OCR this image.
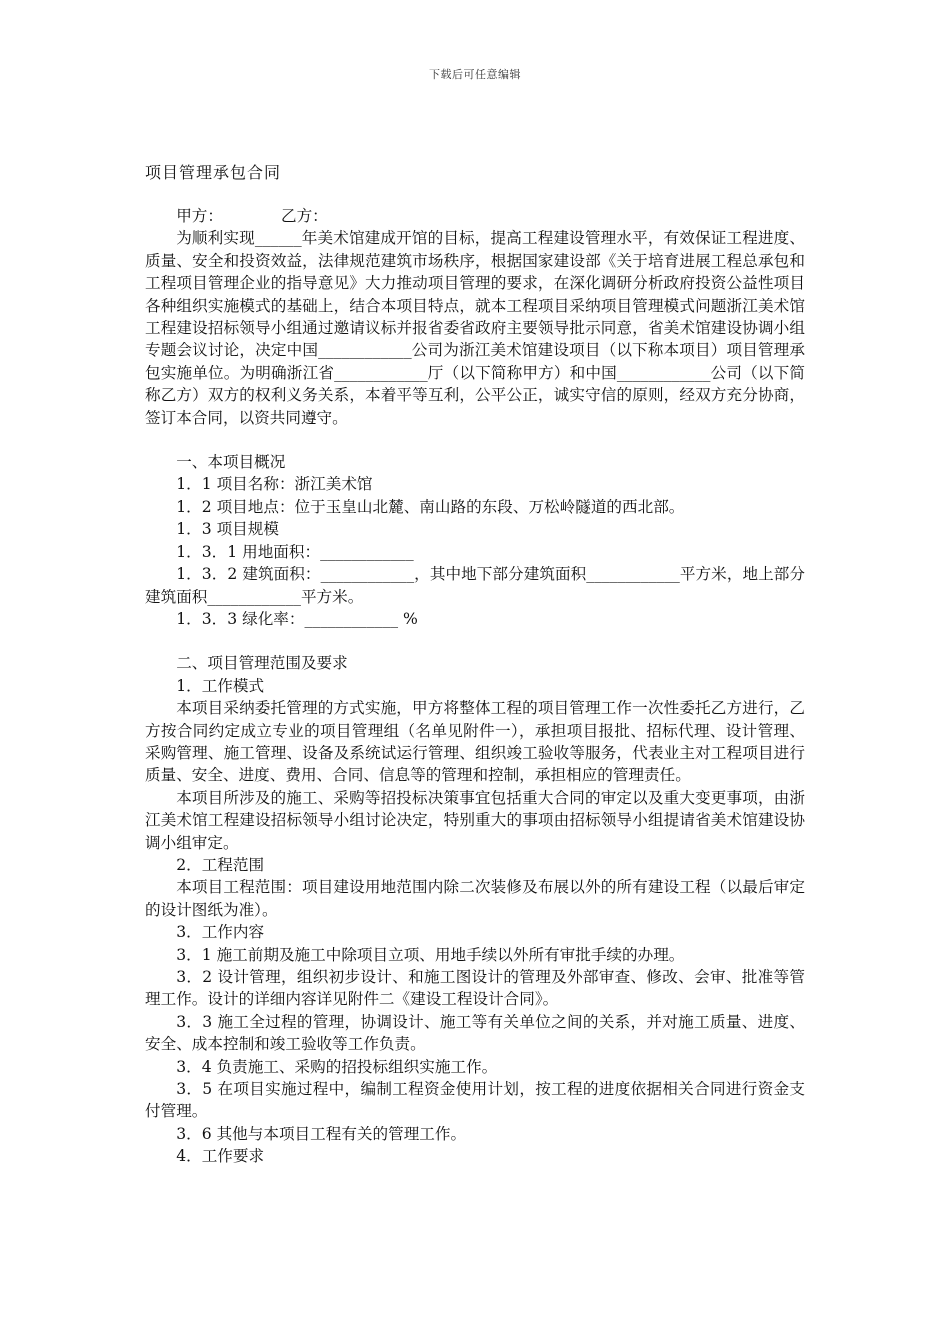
下载后可任意编辑
项目管理承包合同

甲方：	乙方：

为顺利实现______年美术馆建成开馆的目标，提高工程建设管理水平，有效保证工程进度、质量、安全和投资效益，法律规范建筑市场秩序，根据国家建设部《关于培育进展工程总承包和工程项目管理企业的指导意见》大力推动项目管理的要求，在深化调研分析政府投资公益性项目各种组织实施模式的基础上，结合本项目特点，就本工程项目采纳项目管理模式问题浙江美术馆工程建设招标领导小组通过邀请议标并报省委省政府主要领导批示同意，省美术馆建设协调小组专题会议讨论，决定中国____________公司为浙江美术馆建设项目（以下称本项目）项目管理承包实施单位。为明确浙江省____________厅（以下简称甲方）和中国____________公司（以下简称乙方）双方的权利义务关系，本着平等互利，公平公正，诚实守信的原则，经双方充分协商，签订本合同，以资共同遵守。

一、本项目概况

1．1 项目名称：浙江美术馆

1．2 项目地点：位于玉皇山北麓、南山路的东段、万松岭隧道的西北部。

1．3 项目规模

1．3．1 用地面积：____________

1．3．2 建筑面积：____________，其中地下部分建筑面积____________平方米，地上部分建筑面积____________平方米。

1．3．3 绿化率：____________ %

二、项目管理范围及要求

1．工作模式

本项目采纳委托管理的方式实施，甲方将整体工程的项目管理工作一次性委托乙方进行，乙方按合同约定成立专业的项目管理组（名单见附件一），承担项目报批、招标代理、设计管理、采购管理、施工管理、设备及系统试运行管理、组织竣工验收等服务，代表业主对工程项目进行质量、安全、进度、费用、合同、信息等的管理和控制，承担相应的管理责任。

本项目所涉及的施工、采购等招投标决策事宜包括重大合同的审定以及重大变更事项，由浙江美术馆工程建设招标领导小组讨论决定，特别重大的事项由招标领导小组提请省美术馆建设协调小组审定。

2．工程范围

本项目工程范围：项目建设用地范围内除二次装修及布展以外的所有建设工程（以最后审定的设计图纸为准）。

3．工作内容

3．1 施工前期及施工中除项目立项、用地手续以外所有审批手续的办理。

3．2 设计管理，组织初步设计、和施工图设计的管理及外部审查、修改、会审、批准等管理工作。设计的详细内容详见附件二《建设工程设计合同》。

3．3 施工全过程的管理，协调设计、施工等有关单位之间的关系，并对施工质量、进度、安全、成本控制和竣工验收等工作负责。

3．4 负责施工、采购的招投标组织实施工作。

3．5 在项目实施过程中，编制工程资金使用计划，按工程的进度依据相关合同进行资金支付管理。

3．6 其他与本项目工程有关的管理工作。

4．工作要求
